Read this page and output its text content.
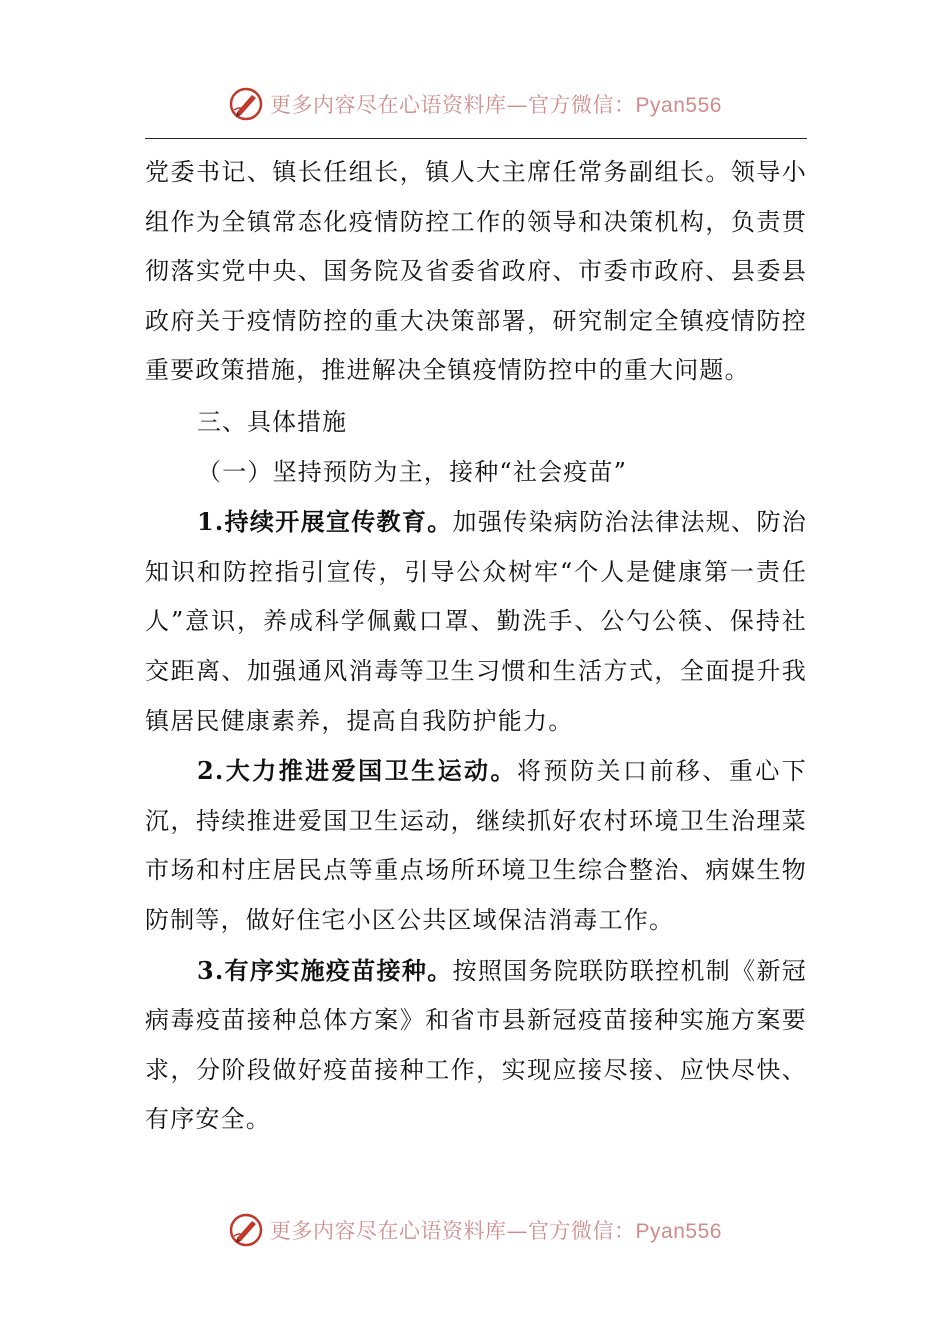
更多内容尽在心语资料库—官方微信：Pyan556

党委书记、镇长任组长，镇人大主席任常务副组长。领导小组作为全镇常态化疫情防控工作的领导和决策机构，负责贯彻落实党中央、国务院及省委省政府、市委市政府、县委县政府关于疫情防控的重大决策部署，研究制定全镇疫情防控重要政策措施，推进解决全镇疫情防控中的重大问题。

三、具体措施

（一）坚持预防为主，接种“社会疫苗”

1.持续开展宣传教育。加强传染病防治法律法规、防治知识和防控指引宣传，引导公众树牢“个人是健康第一责任人”意识，养成科学佩戴口罩、勤洗手、公勺公筷、保持社交距离、加强通风消毒等卫生习惯和生活方式，全面提升我镇居民健康素养，提高自我防护能力。

2.大力推进爱国卫生运动。将预防关口前移、重心下沉，持续推进爱国卫生运动，继续抓好农村环境卫生治理菜市场和村庄居民点等重点场所环境卫生综合整治、病媒生物防制等，做好住宅小区公共区域保洁消毒工作。

3.有序实施疫苗接种。按照国务院联防联控机制《新冠病毒疫苗接种总体方案》和省市县新冠疫苗接种实施方案要求，分阶段做好疫苗接种工作，实现应接尽接、应快尽快、有序安全。

更多内容尽在心语资料库—官方微信：Pyan556
